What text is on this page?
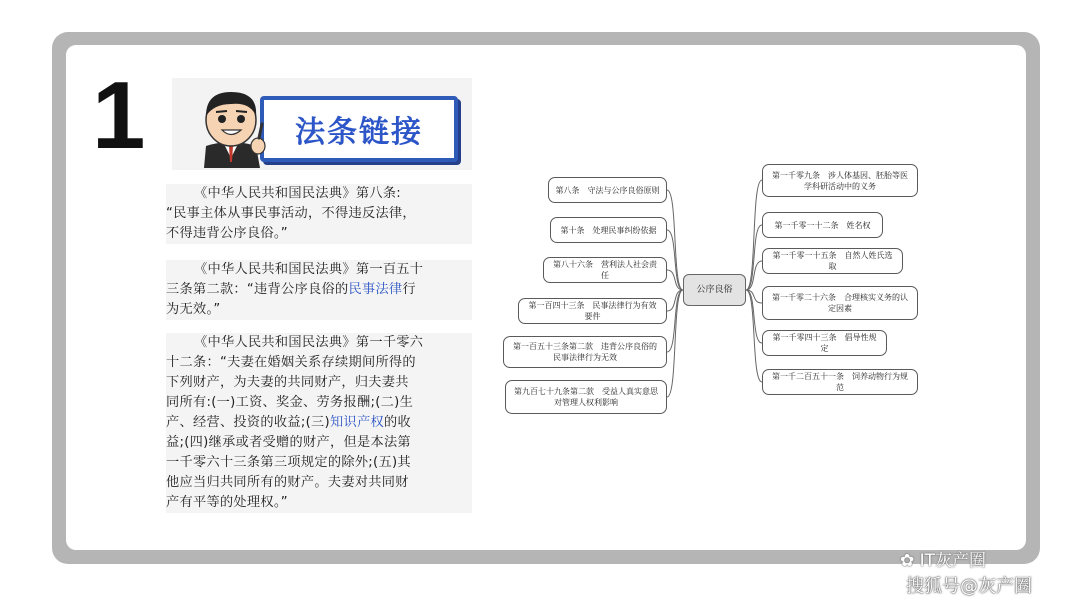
1	法条链接
《中华人民共和国民法典》第八条:
“民事主体从事民事活动，不得违反法律，
不得违背公序良俗。”
《中华人民共和国民法典》第一百五十
三条第二款：“违背公序良俗的民事法律行
为无效。”
《中华人民共和国民法典》第一千零六
十二条：“夫妻在婚姻关系存续期间所得的
下列财产，为夫妻的共同财产，归夫妻共
同所有:(一)工资、奖金、劳务报酬;(二)生
产、经营、投资的收益;(三)知识产权的收
益;(四)继承或者受赠的财产，但是本法第
一千零六十三条第三项规定的除外;(五)其
他应当归共同所有的财产。夫妻对共同财
产有平等的处理权。”
公序良俗
第八条　守法与公序良俗原则
第十条　处理民事纠纷依据
第八十六条　营利法人社会责任
第一百四十三条　民事法律行为有效要件
第一百五十三条第二款　违背公序良俗的民事法律行为无效
第九百七十九条第二款　受益人真实意思对管理人权利影响
第一千零九条　涉人体基因、胚胎等医学科研活动中的义务
第一千零一十二条　姓名权
第一千零一十五条　自然人姓氏选取
第一千零二十六条　合理核实义务的认定因素
第一千零四十三条　倡导性规定
第一千二百五十一条　饲养动物行为规范
✿ IT灰产圈
搜狐号@灰产圈
